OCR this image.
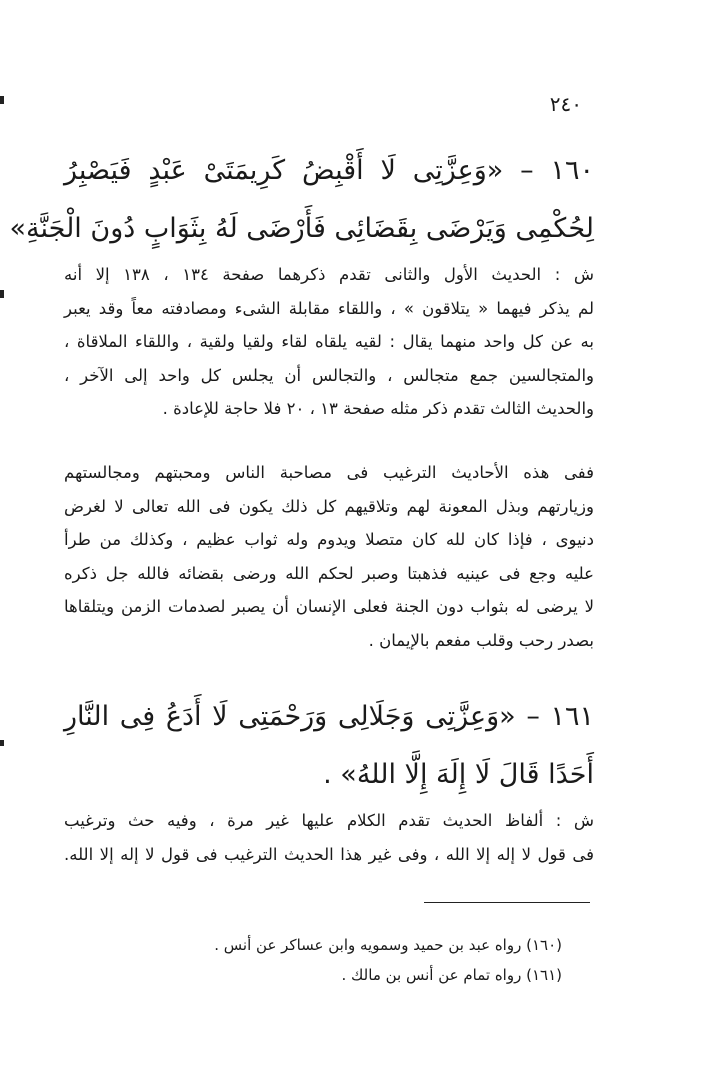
٢٤٠
١٦٠ – «وَعِزَّتِى لَا أَقْبِضُ كَرِيمَتَىْ عَبْدٍ فَيَصْبِرُ
لِحُكْمِى وَيَرْضَى بِقَضَائِى فَأَرْضَى لَهُ بِثَوَابٍ دُونَ الْجَنَّةِ»
ش : الحديث الأول والثانى تقدم ذكرهما صفحة ١٣٤ ، ١٣٨ إلا أنه
لم يذكر فيهما « يتلاقون » ، واللقاء مقابلة الشىء ومصادفته معاً وقد يعبر
به عن كل واحد منهما يقال : لقيه يلقاه لقاء ولقيا ولقية ، واللقاء الملاقاة ،
والمتجالسين جمع متجالس ، والتجالس أن يجلس كل واحد إلى الآخر ،
والحديث الثالث تقدم ذكر مثله صفحة ١٣ ، ٢٠ فلا حاجة للإعادة .
ففى هذه الأحاديث الترغيب فى مصاحبة الناس ومحبتهم ومجالستهم
وزيارتهم وبذل المعونة لهم وتلاقيهم كل ذلك يكون فى الله تعالى لا لغرض
دنيوى ، فإذا كان لله كان متصلا ويدوم وله ثواب عظيم ، وكذلك من طرأ
عليه وجع فى عينيه فذهبتا وصبر لحكم الله ورضى بقضائه فالله جل ذكره
لا يرضى له بثواب دون الجنة فعلى الإنسان أن يصبر لصدمات الزمن ويتلقاها
بصدر رحب وقلب مفعم بالإيمان .
١٦١ – «وَعِزَّتِى وَجَلَالِى وَرَحْمَتِى لَا أَدَعُ فِى النَّارِ
أَحَدًا قَالَ لَا إِلَهَ إِلَّا اللهُ» .
ش : ألفاظ الحديث تقدم الكلام عليها غير مرة ، وفيه حث وترغيب
فى قول لا إله إلا الله ، وفى غير هذا الحديث الترغيب فى قول لا إله إلا الله.
(١٦٠) رواه عبد بن حميد وسمويه وابن عساكر عن أنس .
(١٦١) رواه تمام عن أنس بن مالك .
